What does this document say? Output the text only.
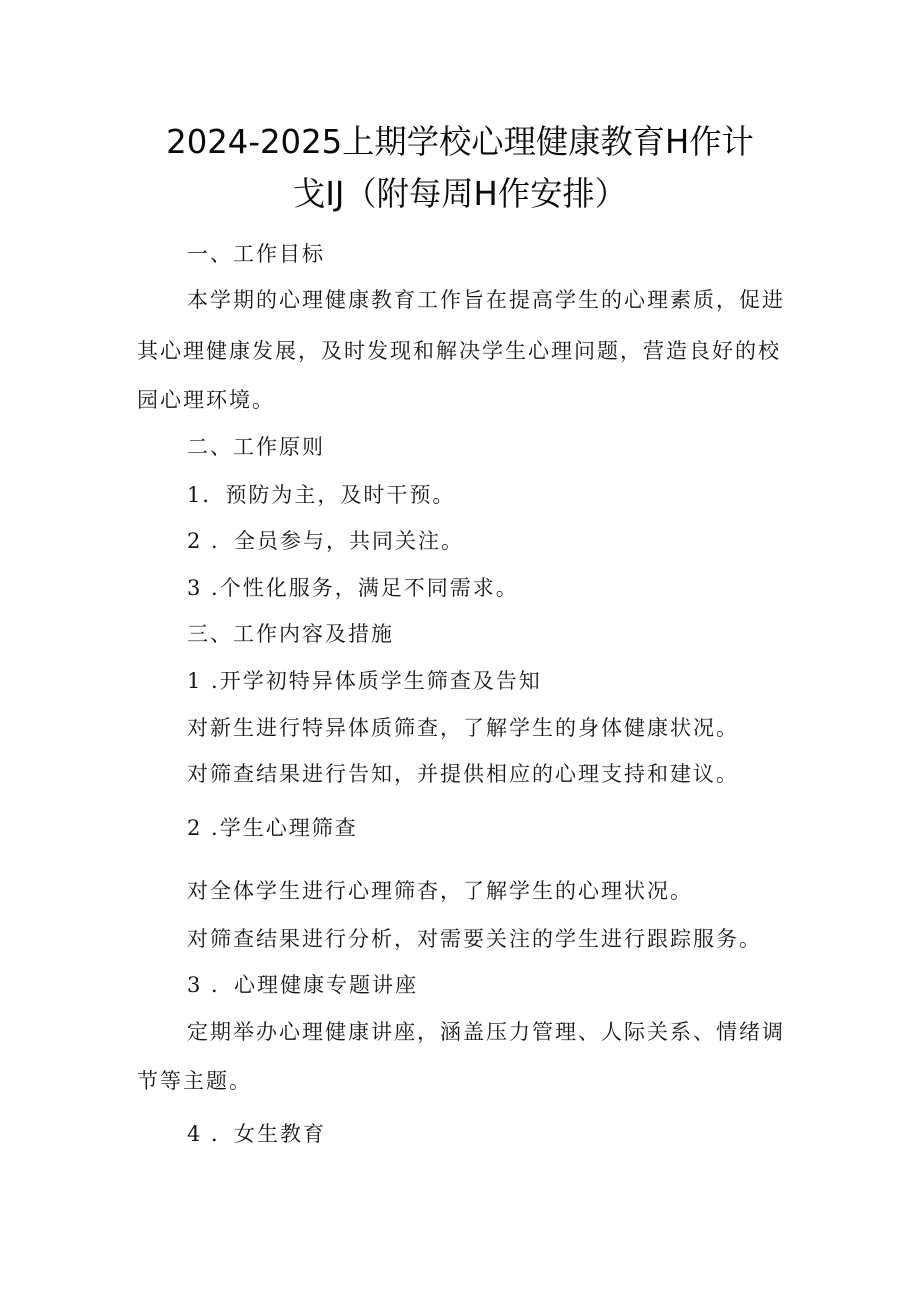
2024-2025上期学校心理健康教育H作计
戈IJ（附每周H作安排）
一、工作目标
本学期的心理健康教育工作旨在提高学生的心理素质，促进
其心理健康发展，及时发现和解决学生心理问题，营造良好的校
园心理环境。
二、工作原则
1．预防为主，及时干预。
2 ．全员参与，共同关注。
3 .个性化服务，满足不同需求。
三、工作内容及措施
1 .开学初特异体质学生筛查及告知
对新生进行特异体质筛查，了解学生的身体健康状况。
对筛查结果进行告知，并提供相应的心理支持和建议。
2 .学生心理筛查
对全体学生进行心理筛杳，了解学生的心理状况。
对筛查结果进行分析，对需要关注的学生进行跟踪服务。
3 ．心理健康专题讲座
定期举办心理健康讲座，涵盖压力管理、人际关系、情绪调
节等主题。
4 ．女生教育
